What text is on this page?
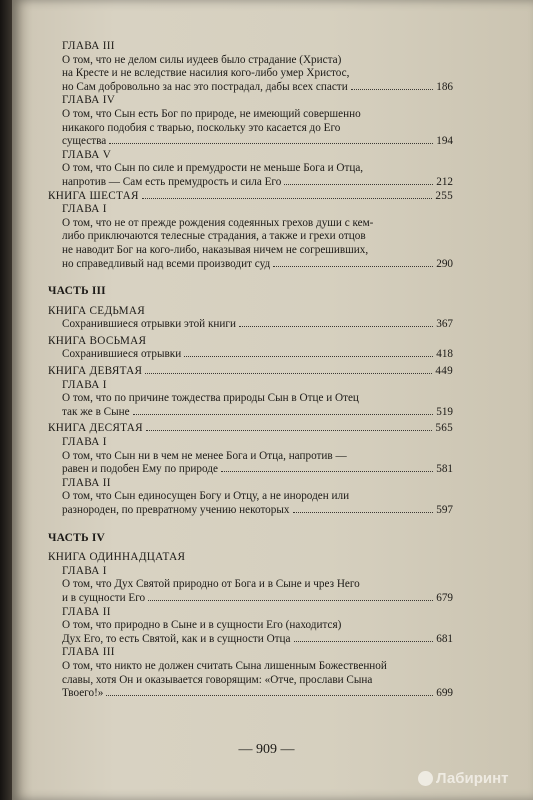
ГЛАВА III
О том, что не делом силы иудеев было страдание (Христа)
на Кресте и не вследствие насилия кого-либо умер Христос,
но Сам добровольно за нас это пострадал, дабы всех спасти	186
ГЛАВА IV
О том, что Сын есть Бог по природе, не имеющий совершенно
никакого подобия с тварью, поскольку это касается до Его
существа	194
ГЛАВА V
О том, что Сын по силе и премудрости не меньше Бога и Отца,
напротив — Сам есть премудрость и сила Его	212
КНИГА ШЕСТАЯ	255
ГЛАВА I
О том, что не от прежде рождения содеянных грехов души с кем-
либо приключаются телесные страдания, а также и грехи отцов
не наводит Бог на кого-либо, наказывая ничем не согрешивших,
но справедливый над всеми производит суд	290
ЧАСТЬ III
КНИГА СЕДЬМАЯ
Сохранившиеся отрывки этой книги	367
КНИГА ВОСЬМАЯ
Сохранившиеся отрывки	418
КНИГА ДЕВЯТАЯ	449
ГЛАВА I
О том, что по причине тождества природы Сын в Отце и Отец
так же в Сыне	519
КНИГА ДЕСЯТАЯ	565
ГЛАВА I
О том, что Сын ни в чем не менее Бога и Отца, напротив —
равен и подобен Ему по природе	581
ГЛАВА II
О том, что Сын единосущен Богу и Отцу, а не инороден или
разнороден, по превратному учению некоторых	597
ЧАСТЬ IV
КНИГА ОДИННАДЦАТАЯ
ГЛАВА I
О том, что Дух Святой природно от Бога и в Сыне и чрез Него
и в сущности Его	679
ГЛАВА II
О том, что природно в Сыне и в сущности Его (находится)
Дух Его, то есть Святой, как и в сущности Отца	681
ГЛАВА III
О том, что никто не должен считать Сына лишенным Божественной
славы, хотя Он и оказывается говорящим: «Отче, прослави Сына
Твоего!»	699
— 909 —
Лабиринт
